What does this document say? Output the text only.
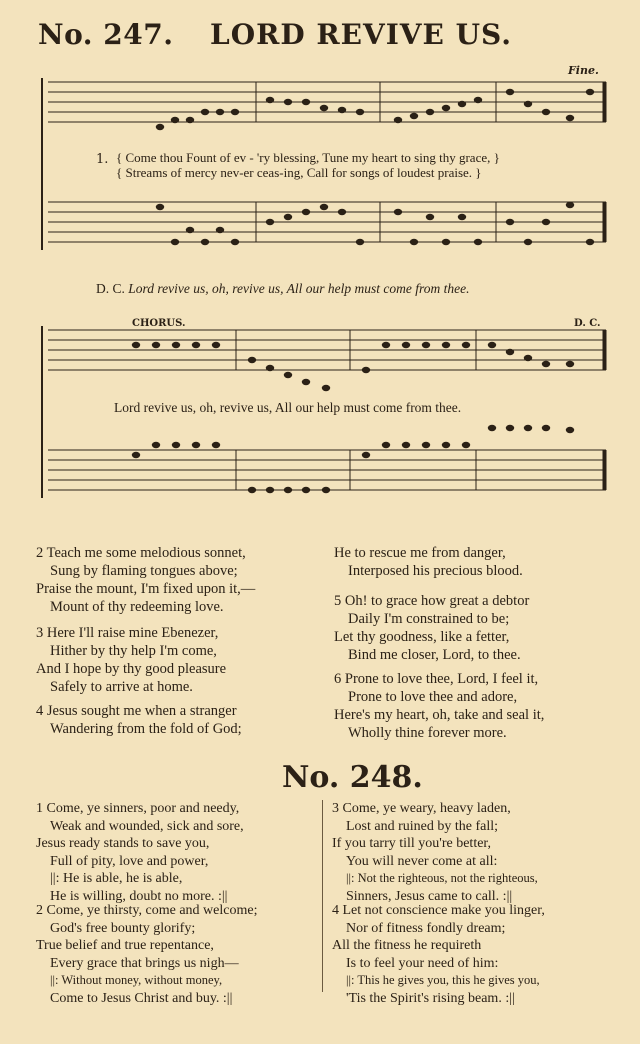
No. 247. LORD REVIVE US.
Fine.
1. { Come thou Fount of ev - 'ry blessing, Tune my heart to sing thy grace, }
{ Streams of mercy nev-er ceas-ing, Call for songs of loudest praise. }
D. C. Lord revive us, oh, revive us, All our help must come from thee.
CHORUS.	D. C.
Lord revive us, oh, revive us, All our help must come from thee.
2 Teach me some melodious sonnet,
Sung by flaming tongues above;
Praise the mount, I'm fixed upon it,—
Mount of thy redeeming love.
3 Here I'll raise mine Ebenezer,
Hither by thy help I'm come,
And I hope by thy good pleasure
Safely to arrive at home.
4 Jesus sought me when a stranger
Wandering from the fold of God;
He to rescue me from danger,
Interposed his precious blood.
5 Oh! to grace how great a debtor
Daily I'm constrained to be;
Let thy goodness, like a fetter,
Bind me closer, Lord, to thee.
6 Prone to love thee, Lord, I feel it,
Prone to love thee and adore,
Here's my heart, oh, take and seal it,
Wholly thine forever more.
No. 248.
1 Come, ye sinners, poor and needy,
Weak and wounded, sick and sore,
Jesus ready stands to save you,
Full of pity, love and power,
||: He is able, he is able,
He is willing, doubt no more. :||
2 Come, ye thirsty, come and welcome;
God's free bounty glorify;
True belief and true repentance,
Every grace that brings us nigh—
||: Without money, without money,
Come to Jesus Christ and buy. :||
3 Come, ye weary, heavy laden,
Lost and ruined by the fall;
If you tarry till you're better,
You will never come at all:
||: Not the righteous, not the righteous,
Sinners, Jesus came to call. :||
4 Let not conscience make you linger,
Nor of fitness fondly dream;
All the fitness he requireth
Is to feel your need of him:
||: This he gives you, this he gives you,
'Tis the Spirit's rising beam. :||
